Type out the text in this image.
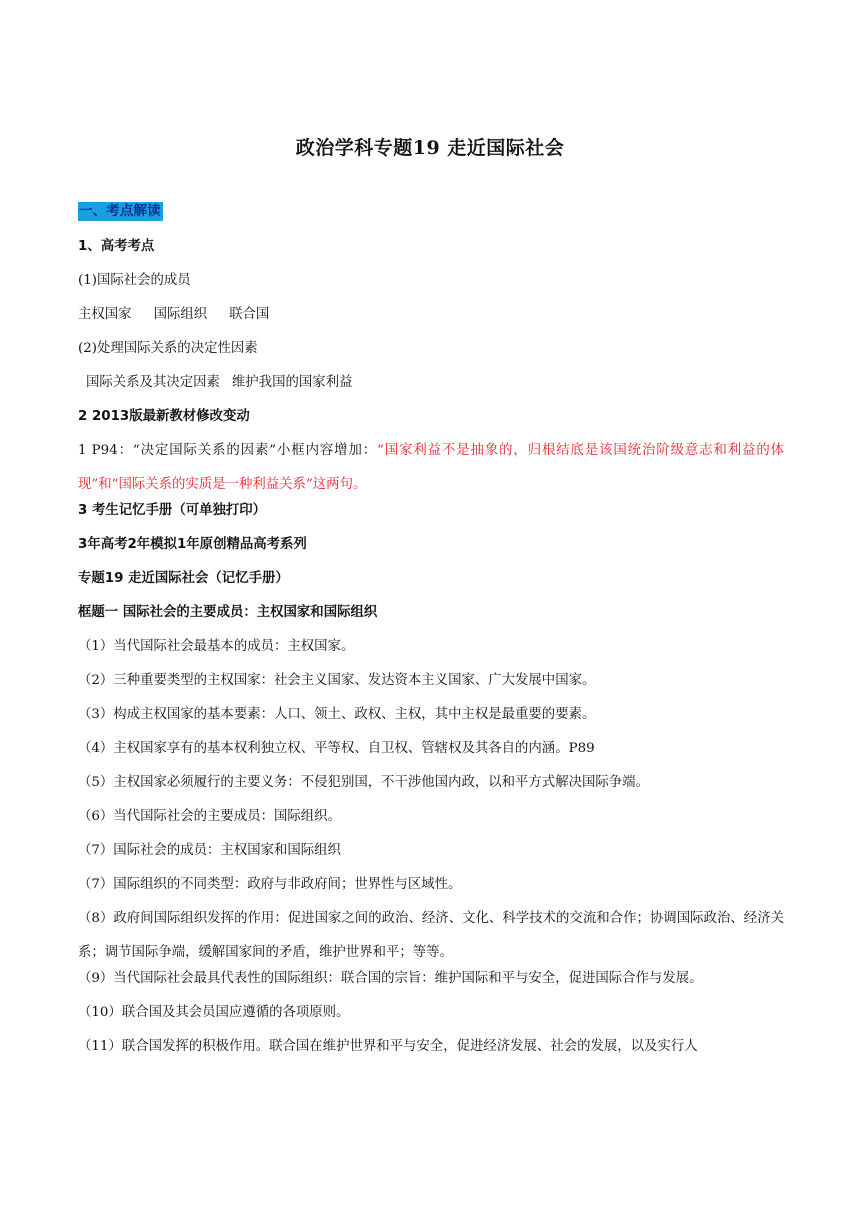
政治学科专题19 走近国际社会
一、考点解读
1、高考考点
(1)国际社会的成员
主权国家 国际组织 联合国
(2)处理国际关系的决定性因素
国际关系及其决定因素 维护我国的国家利益
2 2013版最新教材修改变动
1 P94：“决定国际关系的因素”小框内容增加：“国家利益不是抽象的，归根结底是该国统治阶级意志和利益的体现”和“国际关系的实质是一种利益关系”这两句。
3 考生记忆手册（可单独打印）
3年高考2年模拟1年原创精品高考系列
专题19 走近国际社会（记忆手册）
框题一 国际社会的主要成员：主权国家和国际组织
（1）当代国际社会最基本的成员：主权国家。
（2）三种重要类型的主权国家：社会主义国家、发达资本主义国家、广大发展中国家。
（3）构成主权国家的基本要素：人口、领土、政权、主权，其中主权是最重要的要素。
（4）主权国家享有的基本权利独立权、平等权、自卫权、管辖权及其各自的内涵。P89
（5）主权国家必须履行的主要义务：不侵犯别国，不干涉他国内政，以和平方式解决国际争端。
（6）当代国际社会的主要成员：国际组织。
（7）国际社会的成员：主权国家和国际组织
（7）国际组织的不同类型：政府与非政府间；世界性与区域性。
（8）政府间国际组织发挥的作用：促进国家之间的政治、经济、文化、科学技术的交流和合作；协调国际政治、经济关系；调节国际争端，缓解国家间的矛盾，维护世界和平；等等。
（9）当代国际社会最具代表性的国际组织：联合国的宗旨：维护国际和平与安全，促进国际合作与发展。
（10）联合国及其会员国应遵循的各项原则。
（11）联合国发挥的积极作用。联合国在维护世界和平与安全，促进经济发展、社会的发展，以及实行人
